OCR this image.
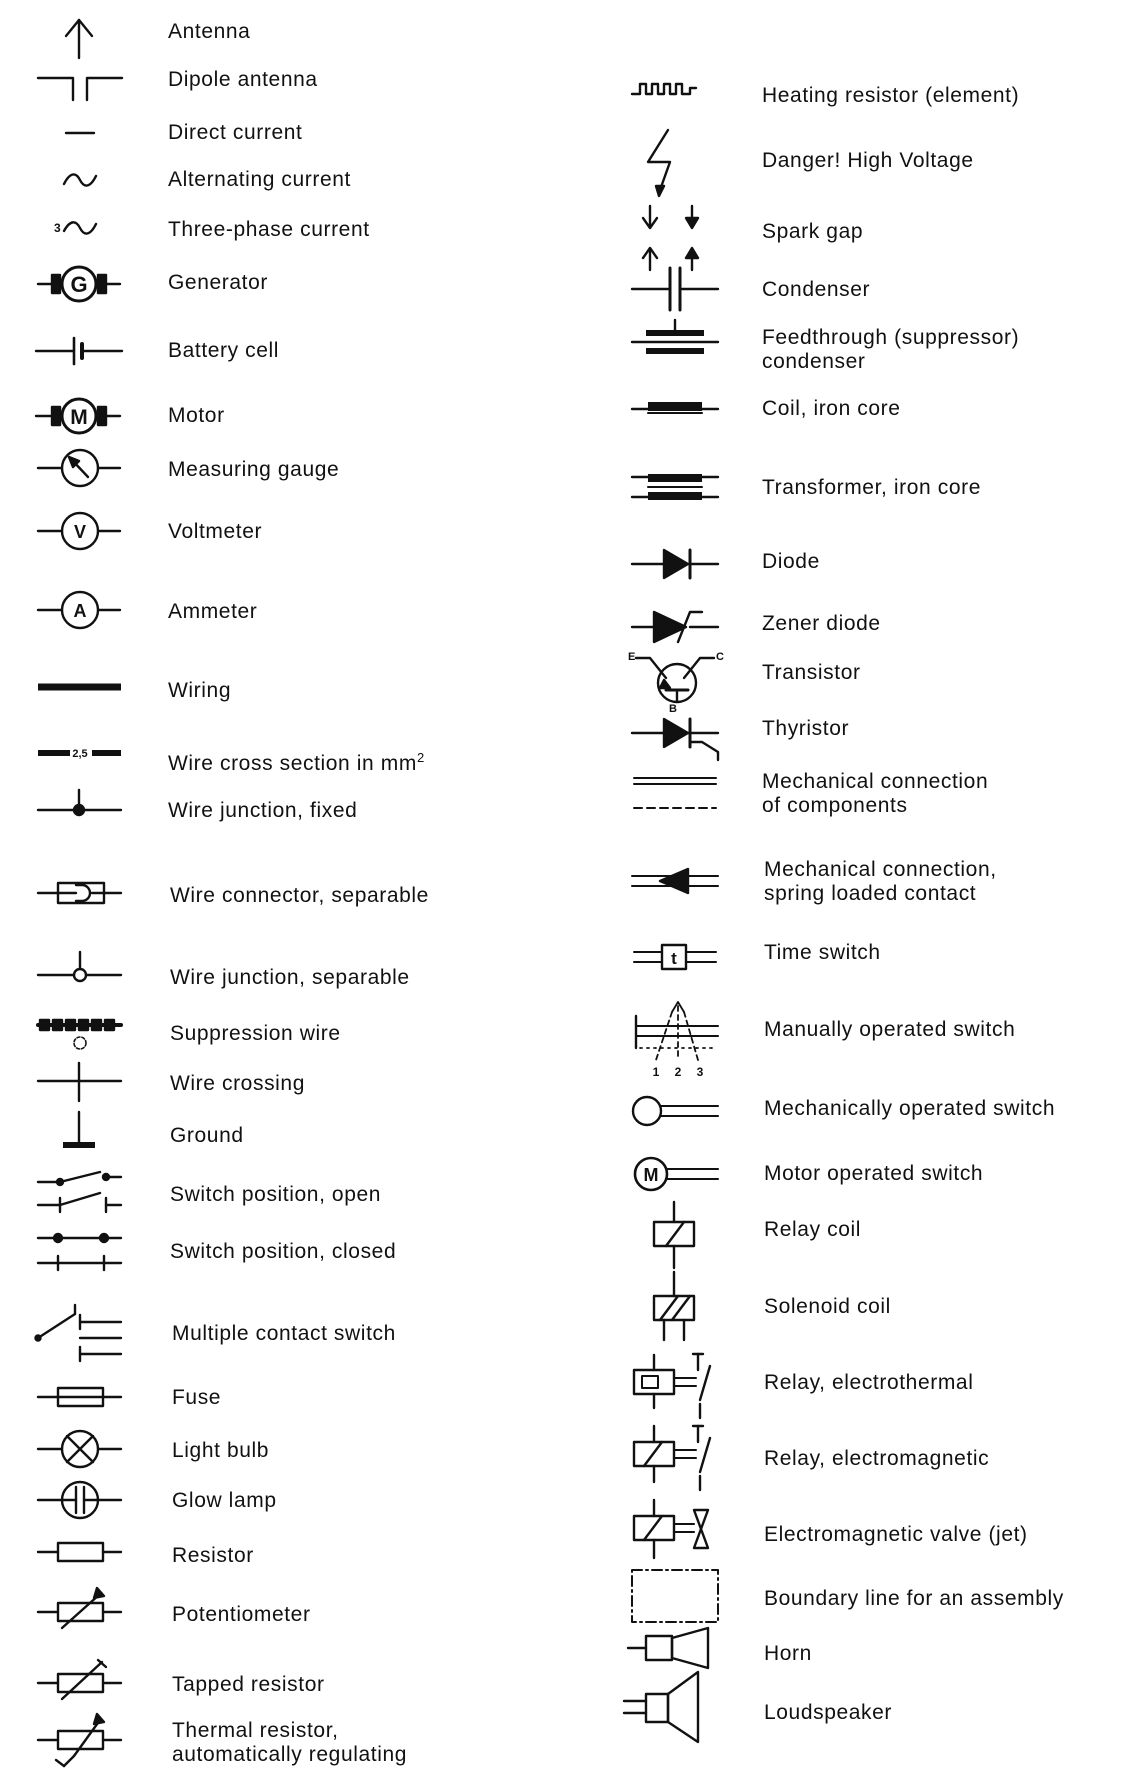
3
G
M
V
A
2,5
E	C
B
t
1 2 3
M
Antenna
Dipole antenna
Direct current
Alternating current
Three-phase current
Generator
Battery cell
Motor
Measuring gauge
Voltmeter
Ammeter
Wiring
Wire cross section in $mm^2$
Wire junction, fixed
Wire connector, separable
Wire junction, separable
Suppression wire
Wire crossing
Ground
Switch position, open
Switch position, closed
Multiple contact switch
Fuse
Light bulb
Glow lamp
Resistor
Potentiometer
Tapped resistor
Thermal resistor,
automatically regulating
Heating resistor (element)
Danger! High Voltage
Spark gap
Condenser
Feedthrough (suppressor)
condenser
Coil, iron core
Transformer, iron core
Diode
Zener diode
Transistor
Thyristor
Mechanical connection
of components
Mechanical connection,
spring loaded contact
Time switch
Manually operated switch
Mechanically operated switch
Motor operated switch
Relay coil
Solenoid coil
Relay, electrothermal
Relay, electromagnetic
Electromagnetic valve (jet)
Boundary line for an assembly
Horn
Loudspeaker
